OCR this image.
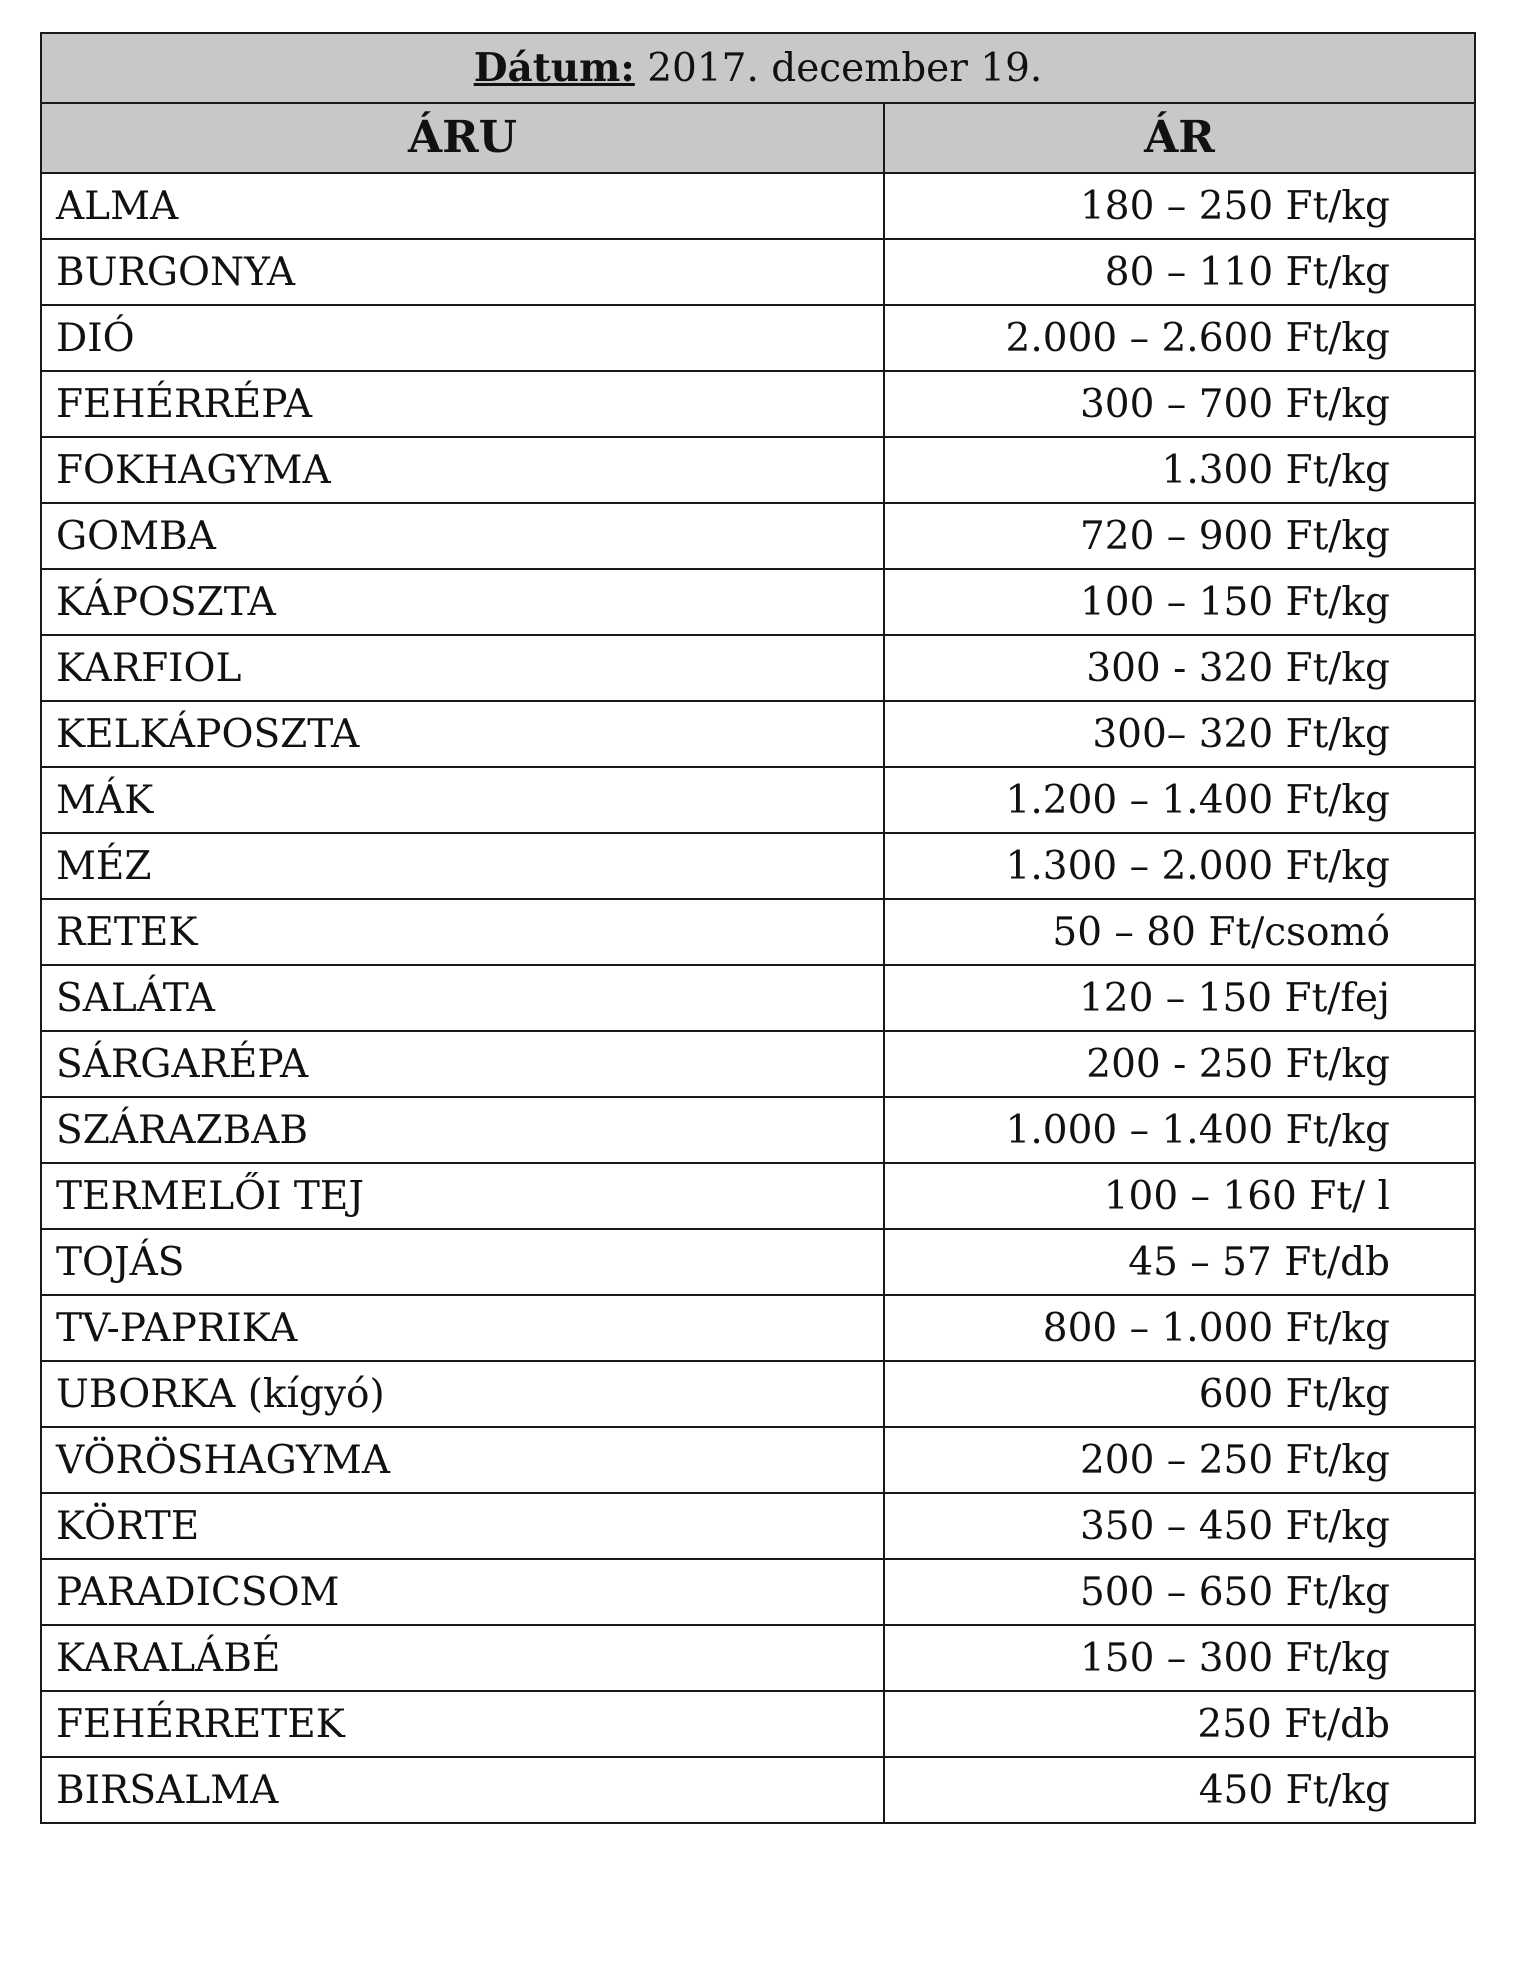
Dátum: 2017. december 19.	
ÁRU	ÁR
ALMA	180 – 250 Ft/kg
BURGONYA	80 – 110 Ft/kg
DIÓ	2.000 – 2.600 Ft/kg
FEHÉRRÉPA	300 – 700 Ft/kg
FOKHAGYMA	1.300 Ft/kg
GOMBA	720 – 900 Ft/kg
KÁPOSZTA	100 – 150 Ft/kg
KARFIOL	300 - 320 Ft/kg
KELKÁPOSZTA	300– 320 Ft/kg
MÁK	1.200 – 1.400 Ft/kg
MÉZ	1.300 – 2.000 Ft/kg
RETEK	50 – 80 Ft/csomó
SALÁTA	120 – 150 Ft/fej
SÁRGARÉPA	200 - 250 Ft/kg
SZÁRAZBAB	1.000 – 1.400 Ft/kg
TERMELŐI TEJ	100 – 160 Ft/ l
TOJÁS	45 – 57 Ft/db
TV-PAPRIKA	800 – 1.000 Ft/kg
UBORKA (kígyó)	600 Ft/kg
VÖRÖSHAGYMA	200 – 250 Ft/kg
KÖRTE	350 – 450 Ft/kg
PARADICSOM	500 – 650 Ft/kg
KARALÁBÉ	150 – 300 Ft/kg
FEHÉRRETEK	250 Ft/db
BIRSALMA	450 Ft/kg
